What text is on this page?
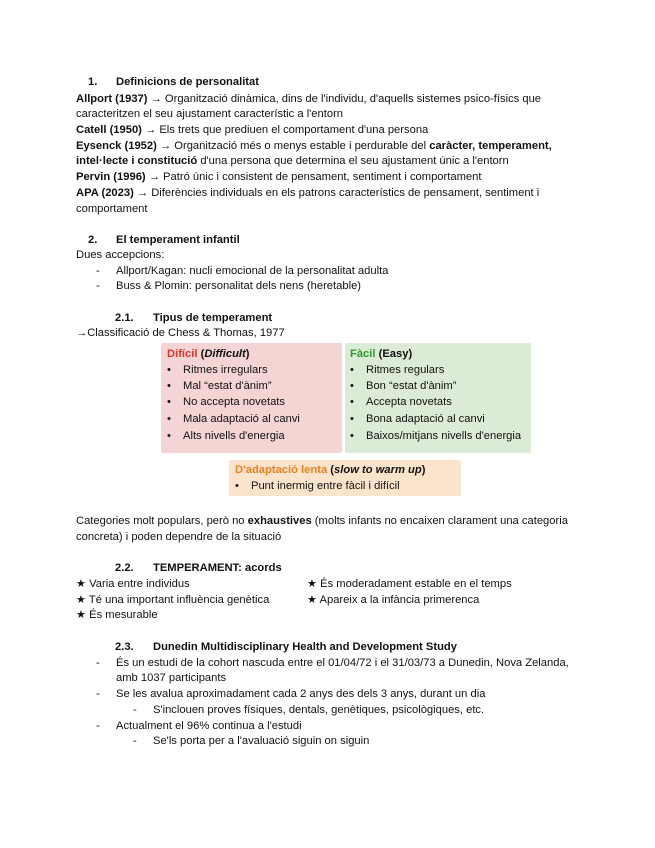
1. Definicions de personalitat
Allport (1937) → Organització dinàmica, dins de l'individu, d'aquells sistemes psico-físics que
caracteritzen el seu ajustament característic a l'entorn
Catell (1950) → Els trets que prediuen el comportament d'una persona
Eysenck (1952) → Organització més o menys estable i perdurable del caràcter, temperament,
intel·lecte i constitució d'una persona que determina el seu ajustament únic a l'entorn
Pervin (1996) → Patró únic i consistent de pensament, sentiment i comportament
APA (2023) → Diferències individuals en els patrons característics de pensament, sentiment i
comportament
2. El temperament infantil
Dues accepcions:
- Allport/Kagan: nucli emocional de la personalitat adulta
- Buss & Plomin: personalitat dels nens (heretable)
2.1. Tipus de temperament
→Classificació de Chess & Thomas, 1977
Difícil (Difficult)
• Ritmes irregulars
• Mal “estat d'ànim”
• No accepta novetats
• Mala adaptació al canvi
• Alts nivells d'energia
Fàcil (Easy)
• Ritmes regulars
• Bon “estat d'ànim”
• Accepta novetats
• Bona adaptació al canvi
• Baixos/mitjans nivells d'energia
D'adaptació lenta (slow to warm up)
• Punt inermig entre fàcil i difícil
Categories molt populars, però no exhaustives (molts infants no encaixen clarament una categoria
concreta) i poden dependre de la situació
2.2. TEMPERAMENT: acords
★ Varia entre individus
★ Té una important influència genètica
★ És mesurable
★ És moderadament estable en el temps
★ Apareix a la infància primerenca
2.3. Dunedin Multidisciplinary Health and Development Study
- És un estudi de la cohort nascuda entre el 01/04/72 i el 31/03/73 a Dunedin, Nova Zelanda,
amb 1037 participants
- Se les avalua aproximadament cada 2 anys des dels 3 anys, durant un dia
- S'inclouen proves físiques, dentals, genètiques, psicològiques, etc.
- Actualment el 96% continua a l'estudi
- Se'ls porta per a l'avaluació siguin on siguin
